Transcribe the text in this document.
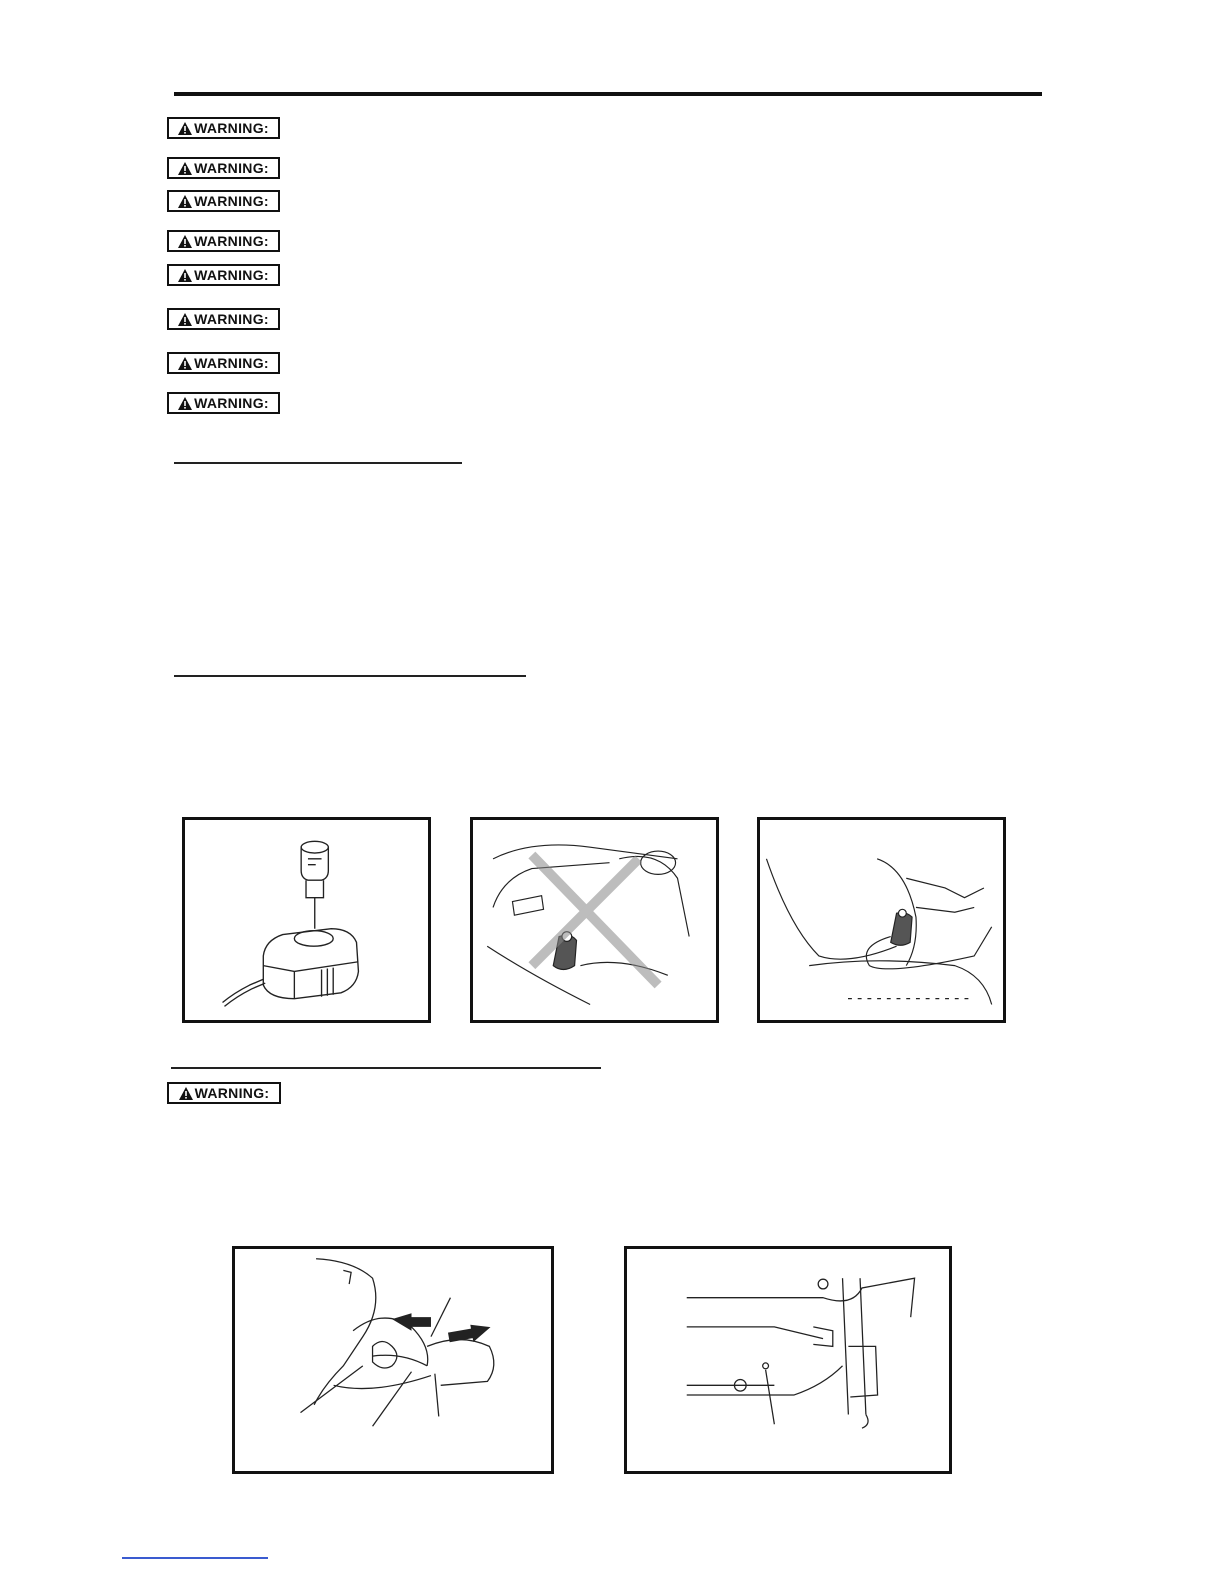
WARNING:
WARNING:
WARNING:
WARNING:
WARNING:
WARNING:
WARNING:
WARNING:
WARNING:
